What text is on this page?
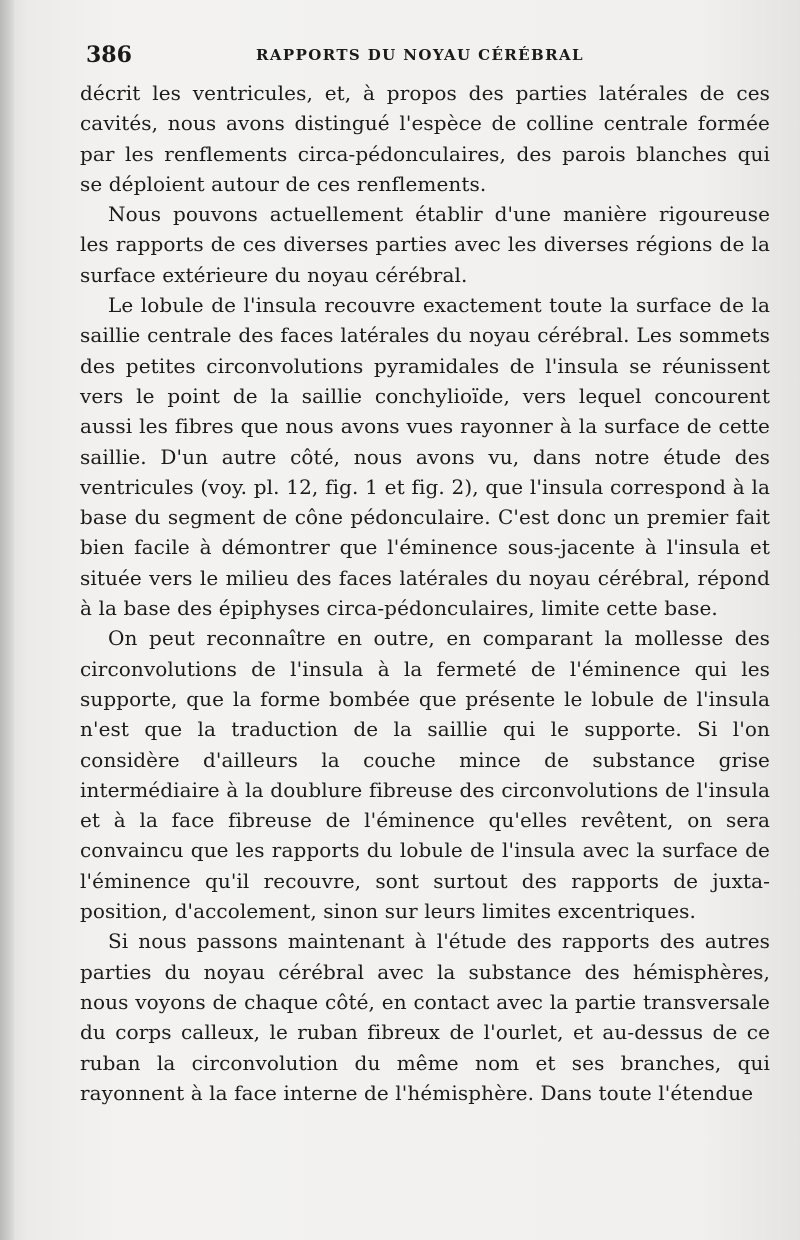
386	RAPPORTS DU NOYAU CÉRÉBRAL

décrit les ventricules, et, à propos des parties latérales de ces cavités, nous avons distingué l'espèce de colline centrale formée par les renflements circa-pédonculaires, des parois blanches qui se déploient autour de ces renflements.

Nous pouvons actuellement établir d'une manière rigoureuse les rapports de ces diverses parties avec les diverses régions de la surface extérieure du noyau cérébral.

Le lobule de l'insula recouvre exactement toute la surface de la saillie centrale des faces latérales du noyau cérébral. Les sommets des petites circonvolutions pyramidales de l'insula se réunissent vers le point de la saillie conchylioïde, vers lequel concourent aussi les fibres que nous avons vues rayonner à la surface de cette saillie. D'un autre côté, nous avons vu, dans notre étude des ventricules (voy. pl. 12, fig. 1 et fig. 2), que l'insula correspond à la base du segment de cône pédonculaire. C'est donc un premier fait bien facile à démontrer que l'éminence sous-jacente à l'insula et située vers le milieu des faces latérales du noyau cérébral, répond à la base des épiphyses circa-pédonculaires, limite cette base.

On peut reconnaître en outre, en comparant la mollesse des circonvolutions de l'insula à la fermeté de l'éminence qui les supporte, que la forme bombée que présente le lobule de l'insula n'est que la traduction de la saillie qui le supporte. Si l'on considère d'ailleurs la couche mince de substance grise intermédiaire à la doublure fibreuse des circonvolutions de l'insula et à la face fibreuse de l'éminence qu'elles revêtent, on sera convaincu que les rapports du lobule de l'insula avec la surface de l'éminence qu'il recouvre, sont surtout des rapports de juxta-position, d'accolement, sinon sur leurs limites excentriques.

Si nous passons maintenant à l'étude des rapports des autres parties du noyau cérébral avec la substance des hémisphères, nous voyons de chaque côté, en contact avec la partie transversale du corps calleux, le ruban fibreux de l'ourlet, et au-dessus de ce ruban la circonvolution du même nom et ses branches, qui rayonnent à la face interne de l'hémisphère. Dans toute l'étendue
